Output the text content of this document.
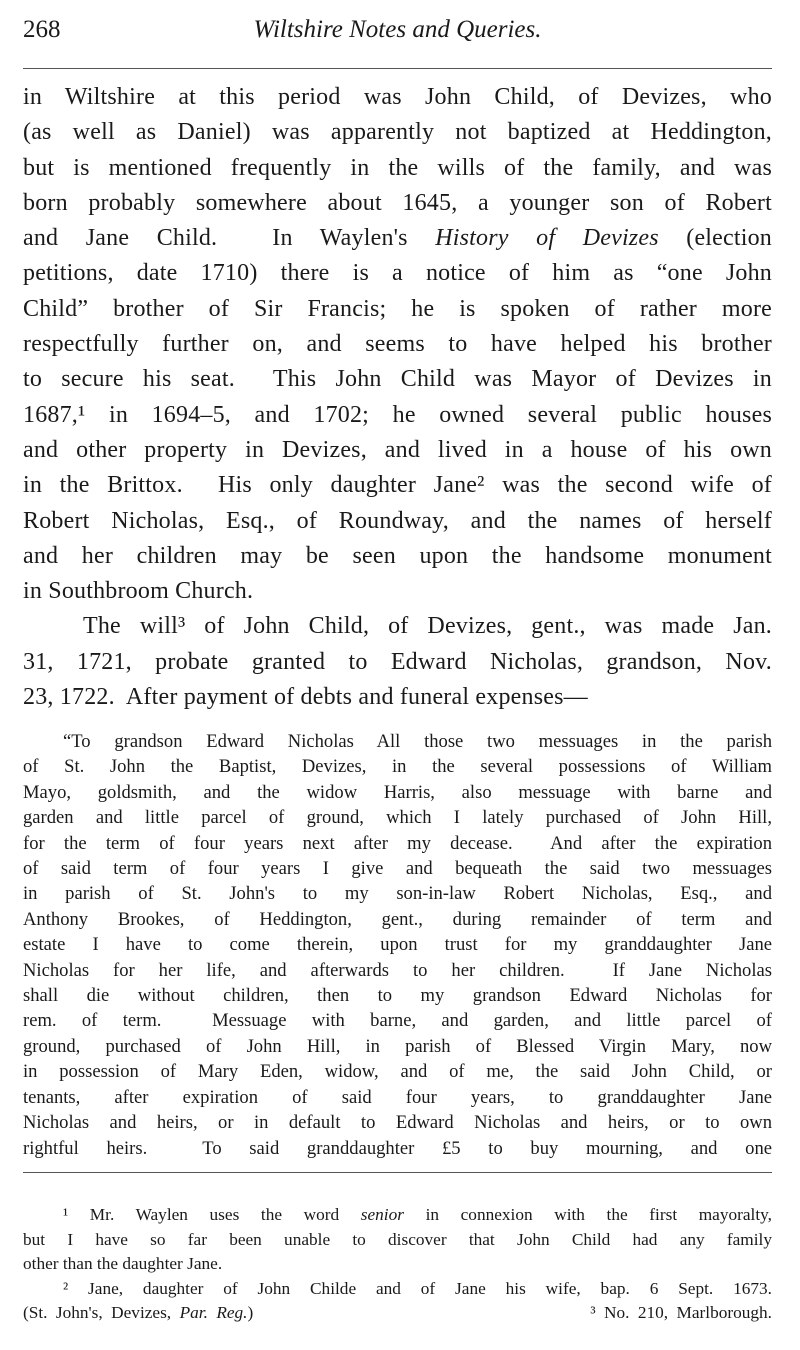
268	Wiltshire Notes and Queries.
in Wiltshire at this period was John Child, of Devizes, who
(as well as Daniel) was apparently not baptized at Heddington,
but is mentioned frequently in the wills of the family, and was
born probably somewhere about 1645, a younger son of Robert
and Jane Child.  In Waylen's History of Devizes (election
petitions, date 1710) there is a notice of him as “one John
Child” brother of Sir Francis; he is spoken of rather more
respectfully further on, and seems to have helped his brother
to secure his seat.  This John Child was Mayor of Devizes in
1687,¹ in 1694–5, and 1702; he owned several public houses
and other property in Devizes, and lived in a house of his own
in the Brittox.  His only daughter Jane² was the second wife of
Robert Nicholas, Esq., of Roundway, and the names of herself
and her children may be seen upon the handsome monument
in Southbroom Church.
The will³ of John Child, of Devizes, gent., was made Jan.
31, 1721, probate granted to Edward Nicholas, grandson, Nov.
23, 1722.  After payment of debts and funeral expenses—
“To grandson Edward Nicholas All those two messuages in the parish
of St. John the Baptist, Devizes, in the several possessions of William
Mayo, goldsmith, and the widow Harris, also messuage with barne and
garden and little parcel of ground, which I lately purchased of John Hill,
for the term of four years next after my decease.  And after the expiration
of said term of four years I give and bequeath the said two messuages
in parish of St. John's to my son-in-law Robert Nicholas, Esq., and
Anthony Brookes, of Heddington, gent., during remainder of term and
estate I have to come therein, upon trust for my granddaughter Jane
Nicholas for her life, and afterwards to her children.  If Jane Nicholas
shall die without children, then to my grandson Edward Nicholas for
rem. of term.  Messuage with barne, and garden, and little parcel of
ground, purchased of John Hill, in parish of Blessed Virgin Mary, now
in possession of Mary Eden, widow, and of me, the said John Child, or
tenants, after expiration of said four years, to granddaughter Jane
Nicholas and heirs, or in default to Edward Nicholas and heirs, or to own
rightful heirs.  To said granddaughter £5 to buy mourning, and one
¹ Mr. Waylen uses the word senior in connexion with the first mayoralty,
but I have so far been unable to discover that John Child had any family
other than the daughter Jane.
² Jane, daughter of John Childe and of Jane his wife, bap. 6 Sept. 1673.
(St. John's, Devizes, Par. Reg.)                                        ³ No. 210, Marlborough.
